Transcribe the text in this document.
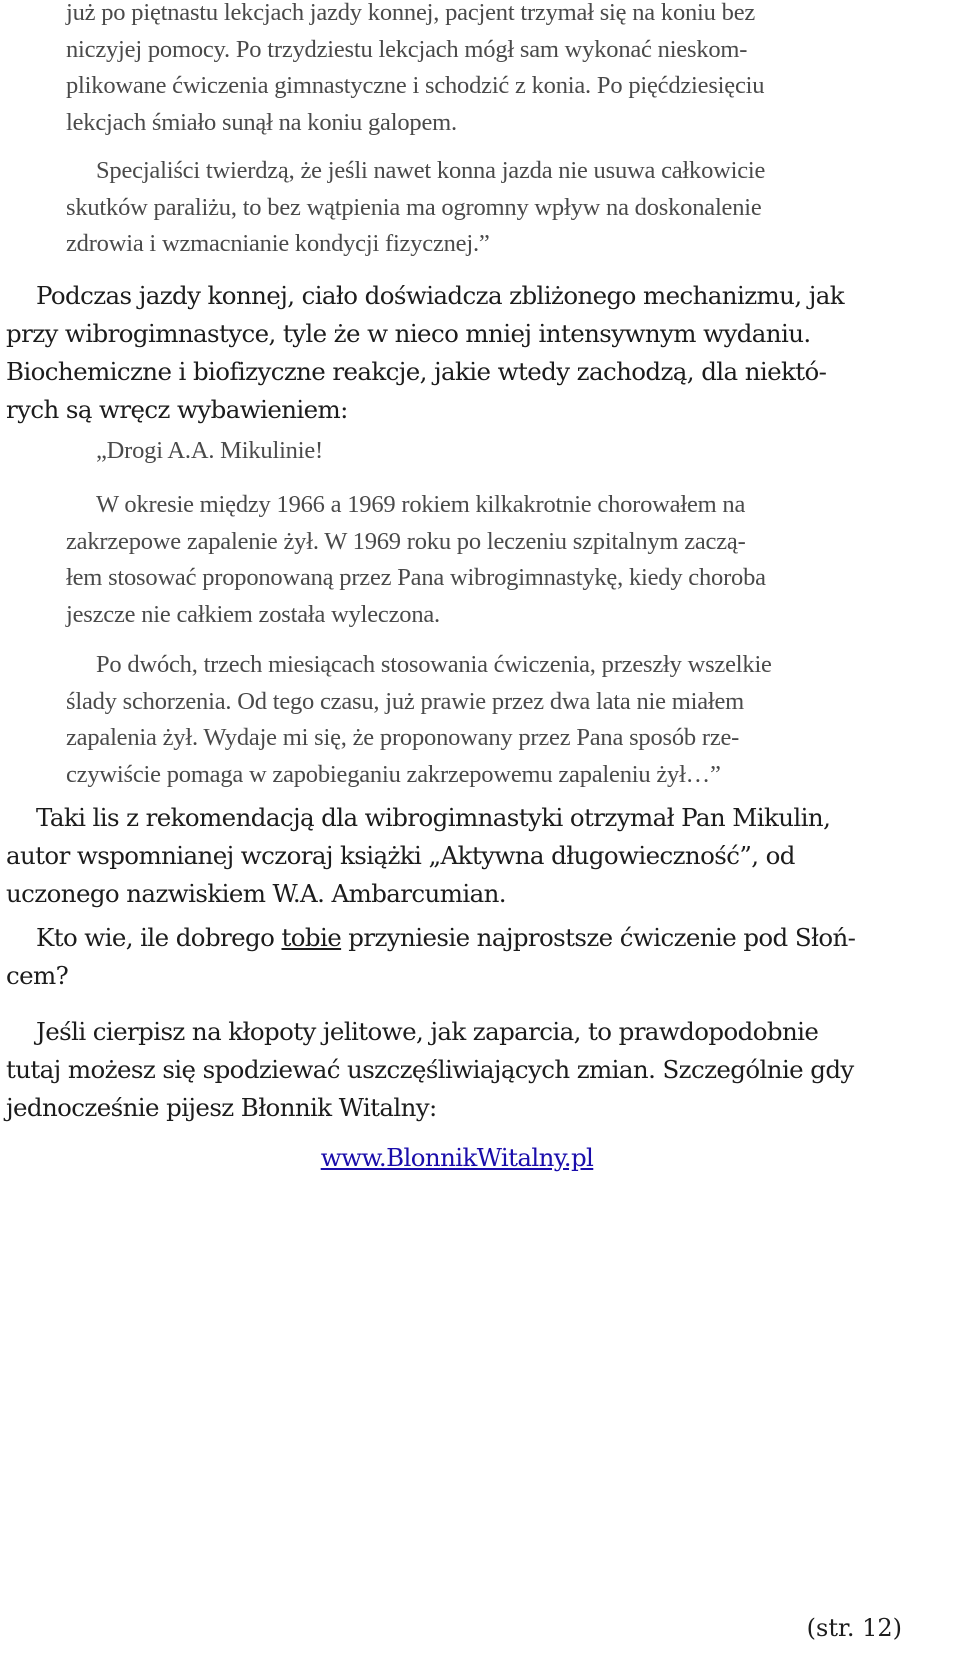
już po piętnastu lekcjach jazdy konnej, pacjent trzymał się na koniu bez
niczyjej pomocy. Po trzydziestu lekcjach mógł sam wykonać nieskom-
plikowane ćwiczenia gimnastyczne i schodzić z konia. Po pięćdziesięciu
lekcjach śmiało sunął na koniu galopem.
Specjaliści twierdzą, że jeśli nawet konna jazda nie usuwa całkowicie
skutków paraliżu, to bez wątpienia ma ogromny wpływ na doskonalenie
zdrowia i wzmacnianie kondycji fizycznej.”
Podczas jazdy konnej, ciało doświadcza zbliżonego mechanizmu, jak
przy wibrogimnastyce, tyle że w nieco mniej intensywnym wydaniu.
Biochemiczne i biofizyczne reakcje, jakie wtedy zachodzą, dla niektó-
rych są wręcz wybawieniem:
„Drogi A.A. Mikulinie!
W okresie między 1966 a 1969 rokiem kilkakrotnie chorowałem na
zakrzepowe zapalenie żył. W 1969 roku po leczeniu szpitalnym zaczą-
łem stosować proponowaną przez Pana wibrogimnastykę, kiedy choroba
jeszcze nie całkiem została wyleczona.
Po dwóch, trzech miesiącach stosowania ćwiczenia, przeszły wszelkie
ślady schorzenia. Od tego czasu, już prawie przez dwa lata nie miałem
zapalenia żył. Wydaje mi się, że proponowany przez Pana sposób rze-
czywiście pomaga w zapobieganiu zakrzepowemu zapaleniu żył…”
Taki lis z rekomendacją dla wibrogimnastyki otrzymał Pan Mikulin,
autor wspomnianej wczoraj książki „Aktywna długowieczność”, od
uczonego nazwiskiem W.A. Ambarcumian.
Kto wie, ile dobrego tobie przyniesie najprostsze ćwiczenie pod Słoń-
cem?
Jeśli cierpisz na kłopoty jelitowe, jak zaparcia, to prawdopodobnie
tutaj możesz się spodziewać uszczęśliwiających zmian. Szczególnie gdy
jednocześnie pijesz Błonnik Witalny:
www.BlonnikWitalny.pl
(str. 12)
